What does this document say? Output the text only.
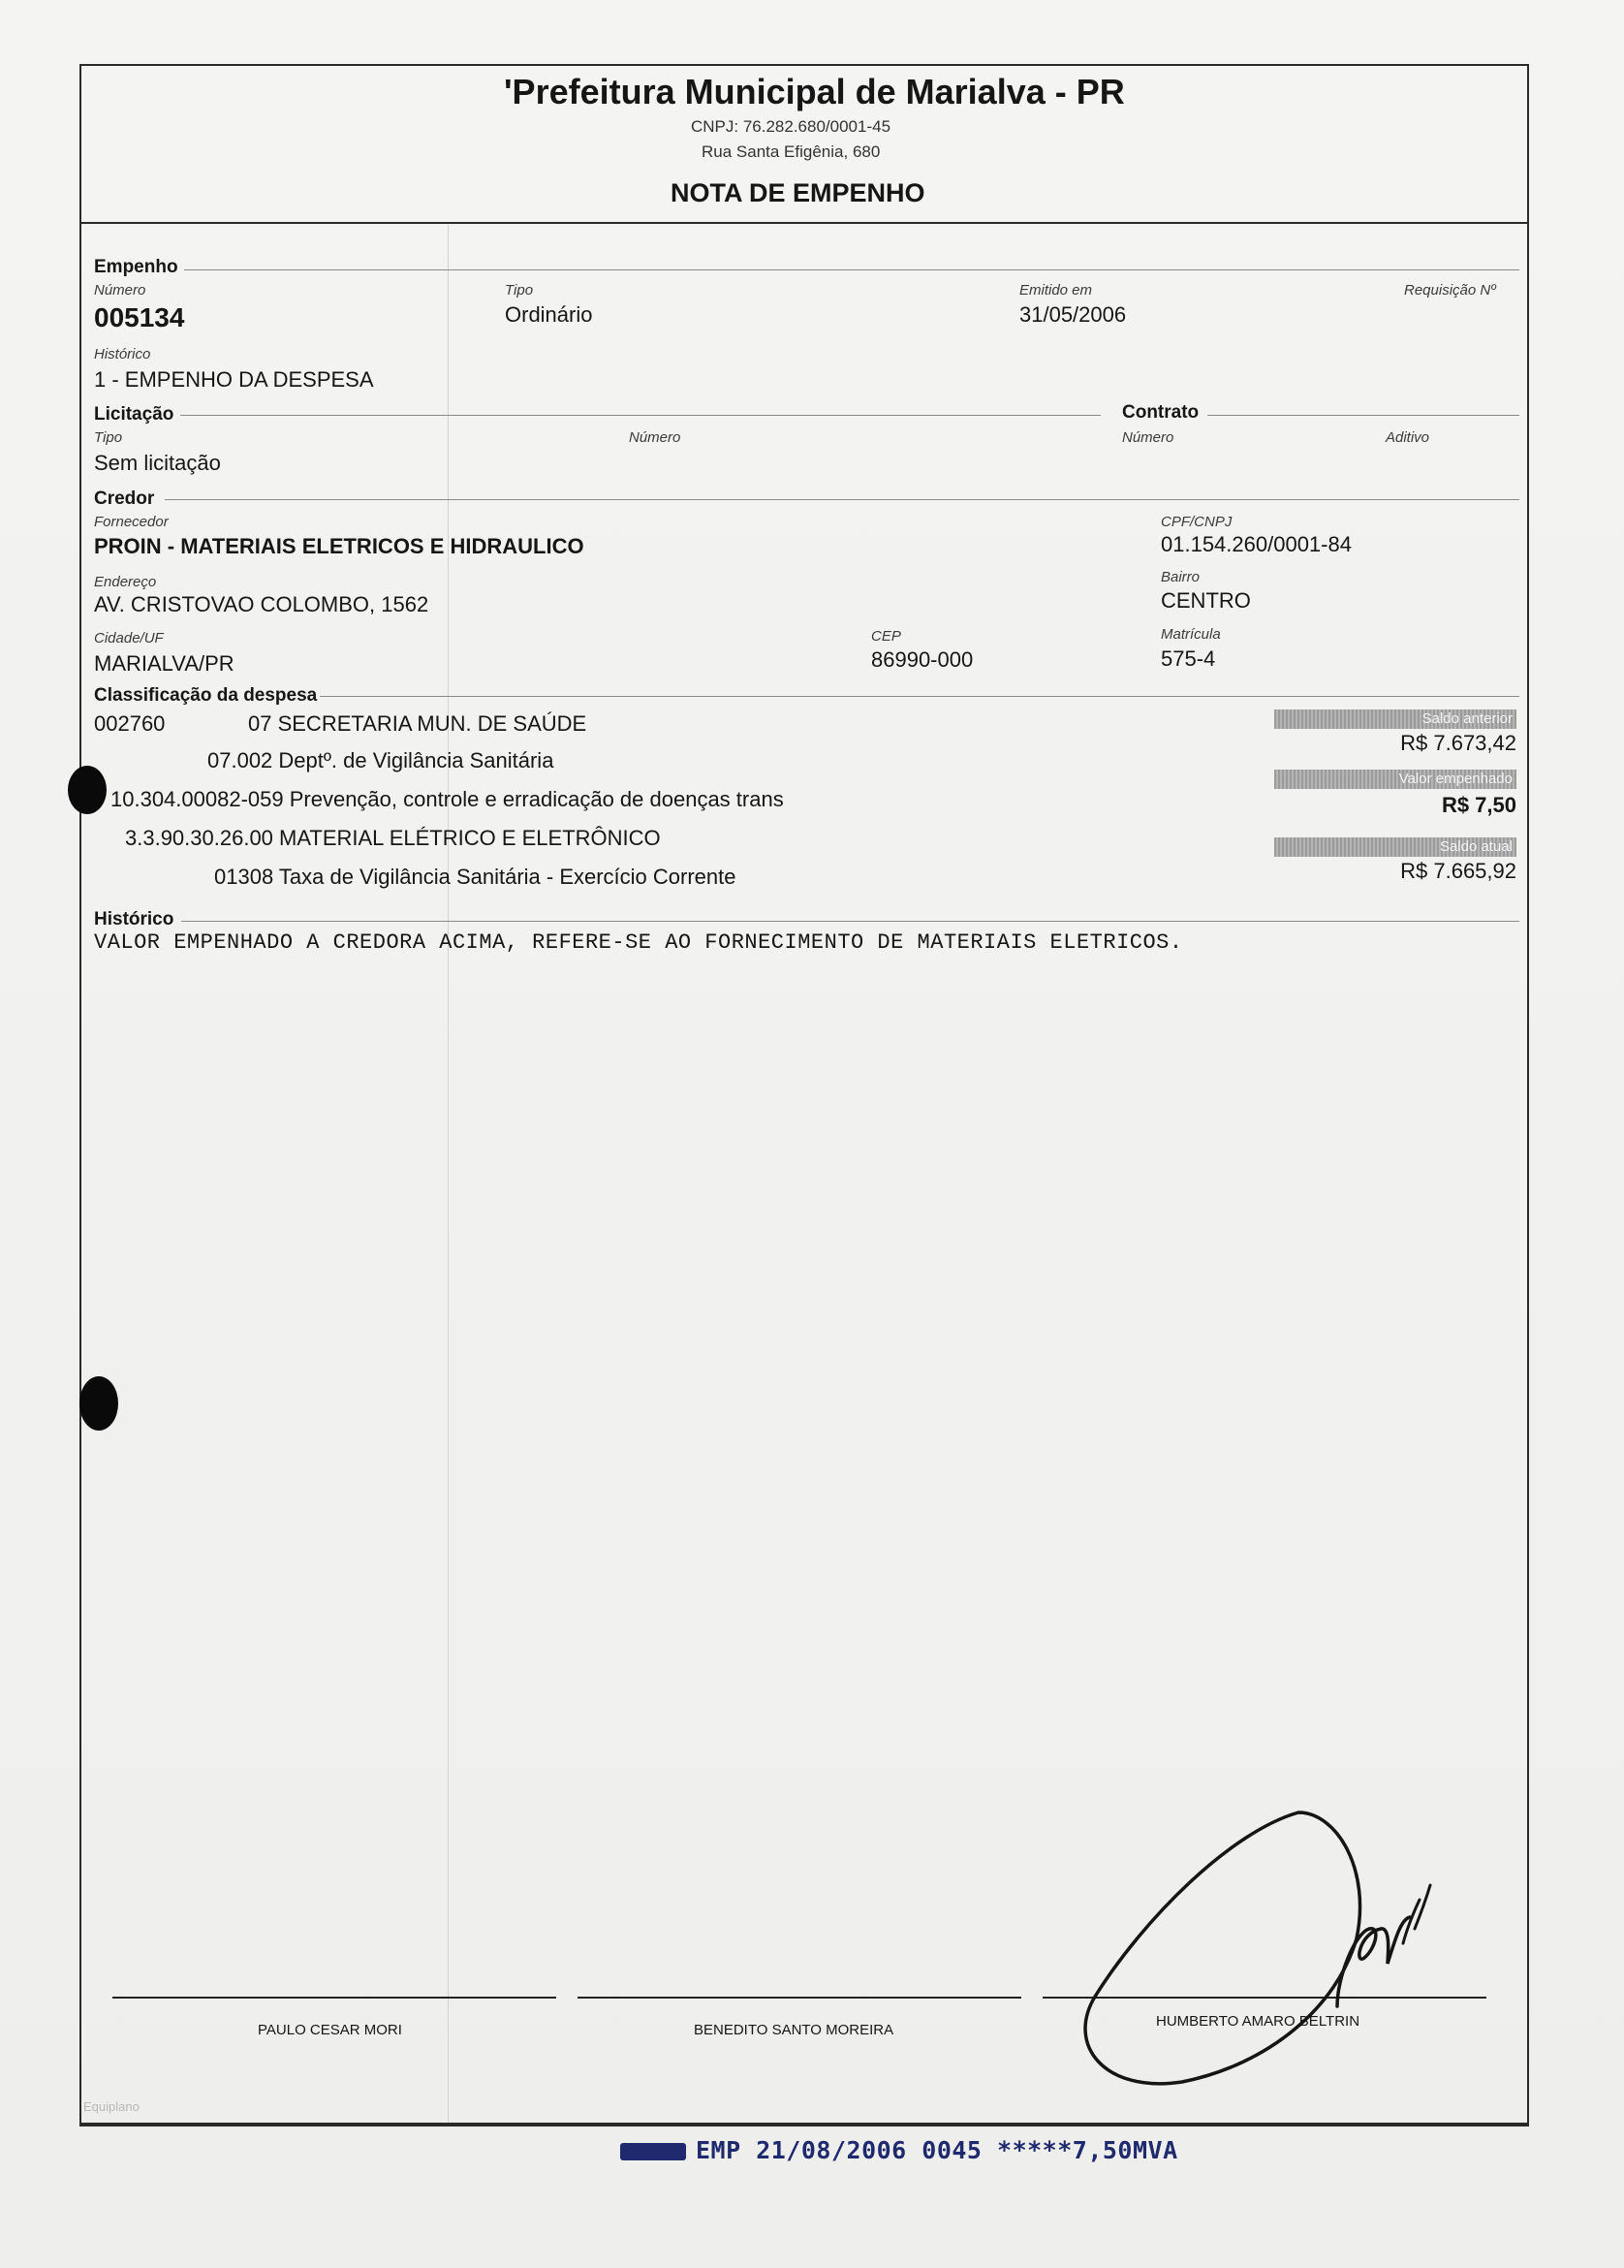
'Prefeitura Municipal de Marialva - PR
CNPJ: 76.282.680/0001-45
Rua Santa Efigênia, 680
NOTA DE EMPENHO
Empenho
Número
005134
Tipo
Ordinário
Emitido em
31/05/2006
Requisição Nº
Histórico
1 - EMPENHO DA DESPESA
Licitação	Contrato
Tipo
Sem licitação
Número	Número	Aditivo
Credor
Fornecedor
PROIN - MATERIAIS ELETRICOS E HIDRAULICO
CPF/CNPJ
01.154.260/0001-84
Endereço
AV. CRISTOVAO COLOMBO, 1562
Bairro
CENTRO
Cidade/UF
MARIALVA/PR
CEP
86990-000
Matrícula
575-4
Classificação da despesa
002760	07 SECRETARIA MUN. DE SAÚDE
07.002 Deptº. de Vigilância Sanitária
10.304.00082-059 Prevenção, controle e erradicação de doenças trans
3.3.90.30.26.00 MATERIAL ELÉTRICO E ELETRÔNICO
01308 Taxa de Vigilância Sanitária - Exercício Corrente
Saldo anterior
R$ 7.673,42
Valor empenhado
R$ 7,50
Saldo atual
R$ 7.665,92
Histórico
VALOR EMPENHADO A CREDORA ACIMA, REFERE-SE AO FORNECIMENTO DE MATERIAIS ELETRICOS.
PAULO CESAR MORI	BENEDITO SANTO MOREIRA
HUMBERTO AMARO BELTRIN
Equiplano
EMP 21/08/2006 0045 *****7,50MVA
